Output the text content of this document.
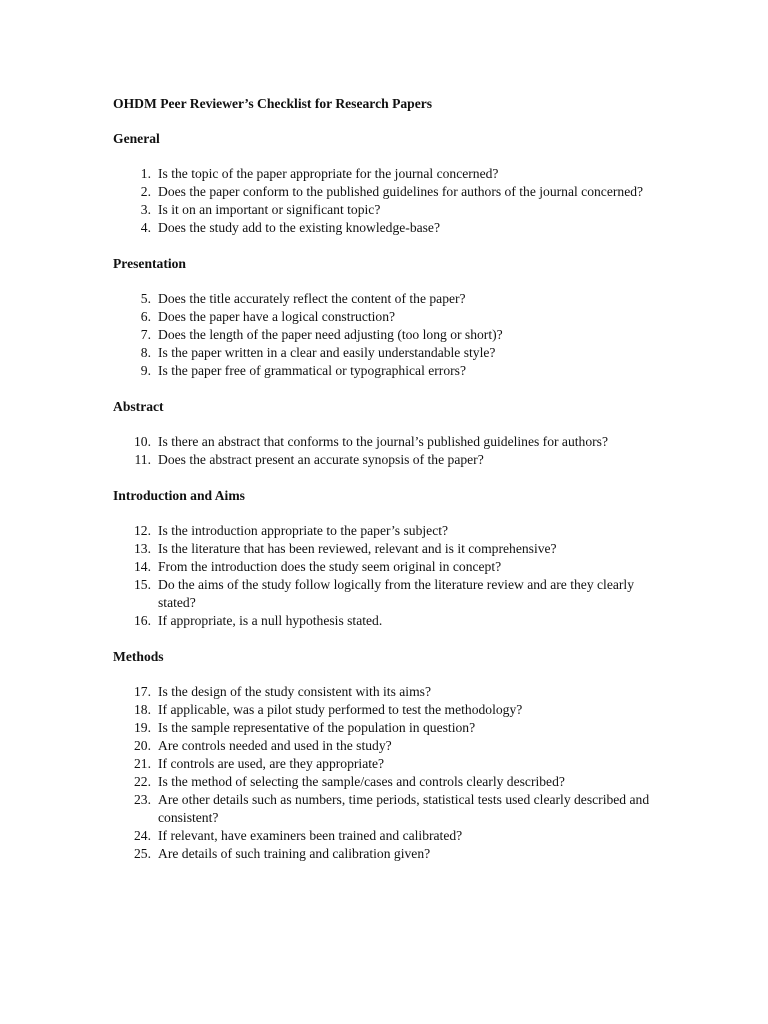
OHDM Peer Reviewer’s Checklist for Research Papers
General
1. Is the topic of the paper appropriate for the journal concerned?
2. Does the paper conform to the published guidelines for authors of the journal concerned?
3. Is it on an important or significant topic?
4. Does the study add to the existing knowledge-base?
Presentation
5. Does the title accurately reflect the content of the paper?
6. Does the paper have a logical construction?
7. Does the length of the paper need adjusting (too long or short)?
8. Is the paper written in a clear and easily understandable style?
9. Is the paper free of grammatical or typographical errors?
Abstract
10. Is there an abstract that conforms to the journal’s published guidelines for authors?
11. Does the abstract present an accurate synopsis of the paper?
Introduction and Aims
12. Is the introduction appropriate to the paper’s subject?
13. Is the literature that has been reviewed, relevant and is it comprehensive?
14. From the introduction does the study seem original in concept?
15. Do the aims of the study follow logically from the literature review and are they clearly stated?
16. If appropriate, is a null hypothesis stated.
Methods
17. Is the design of the study consistent with its aims?
18. If applicable, was a pilot study performed to test the methodology?
19. Is the sample representative of the population in question?
20. Are controls needed and used in the study?
21. If controls are used, are they appropriate?
22. Is the method of selecting the sample/cases and controls clearly described?
23. Are other details such as numbers, time periods, statistical tests used clearly described and consistent?
24. If relevant, have examiners been trained and calibrated?
25. Are details of such training and calibration given?
